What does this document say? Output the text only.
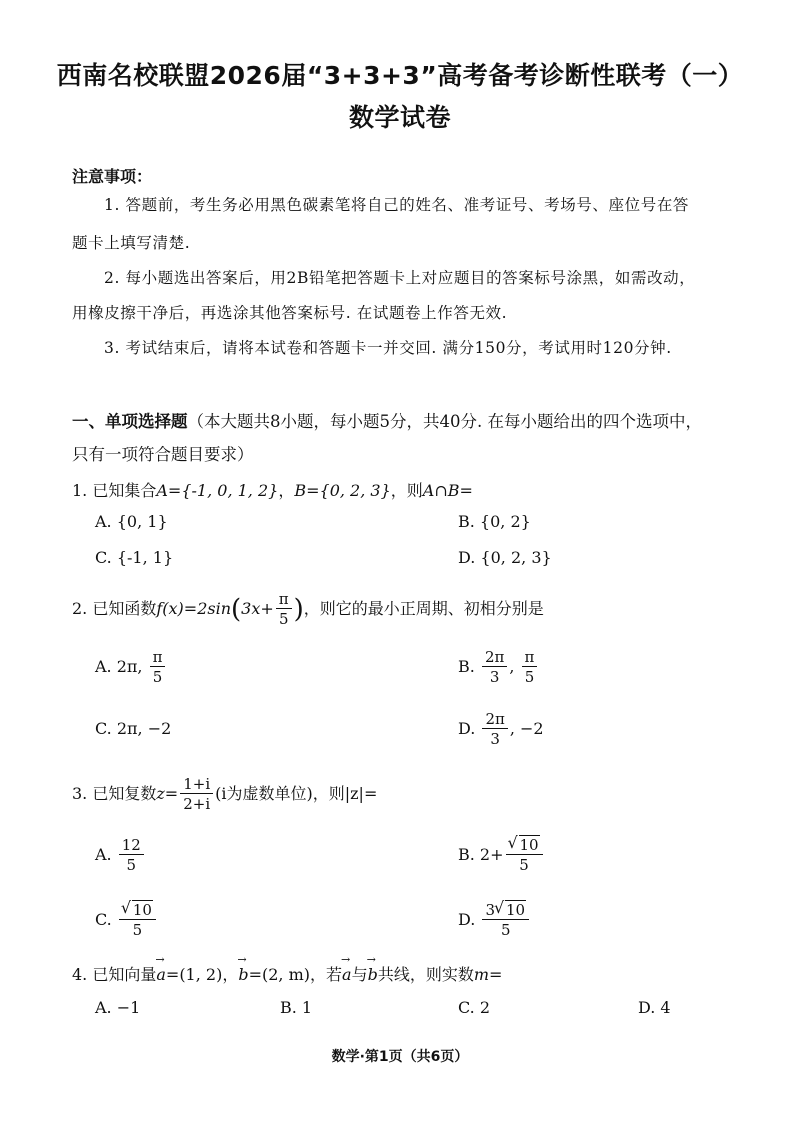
西南名校联盟2026届“3+3+3”高考备考诊断性联考（一）
数学试卷
注意事项：
1. 答题前，考生务必用黑色碳素笔将自己的姓名、准考证号、考场号、座位号在答
题卡上填写清楚.
2. 每小题选出答案后，用2B铅笔把答题卡上对应题目的答案标号涂黑，如需改动，
用橡皮擦干净后，再选涂其他答案标号. 在试题卷上作答无效.
3. 考试结束后，请将本试卷和答题卡一并交回. 满分150分，考试用时120分钟.
一、单项选择题（本大题共8小题，每小题5分，共40分. 在每小题给出的四个选项中，
只有一项符合题目要求）
1. 已知集合A={-1, 0, 1, 2}，B={0, 2, 3}，则A∩B=
A. {0, 1}	B. {0, 2}
C. {-1, 1}	D. {0, 2, 3}
2. 已知函数$f(x)=2\sin(3x+ \frac{\pi}{5}$ )，则它的最小正周期、初相分别是
A. 2π, $\frac{\pi}{5}$	B. $\frac{2\pi}{3}$ , $\frac{\pi}{5}$
C. 2π, −2	D. $\frac{2\pi}{3}$ , −2
3. 已知复数$z= \frac{1+i}{2+i} (i$为虚数单位)，则|z|=
A. $\frac{12}{5}$	B. 2+ √ $\frac{10}{5}$
C. √ $\frac{10}{5}$	D. $\frac{3 √ 10}{5}$
4. 已知向量→ a=(1, 2)，→ b=(2, m)，若→ a与→ b共线，则实数m=
A. −1	B. 1	C. 2	D. 4
数学·第1页（共6页）
